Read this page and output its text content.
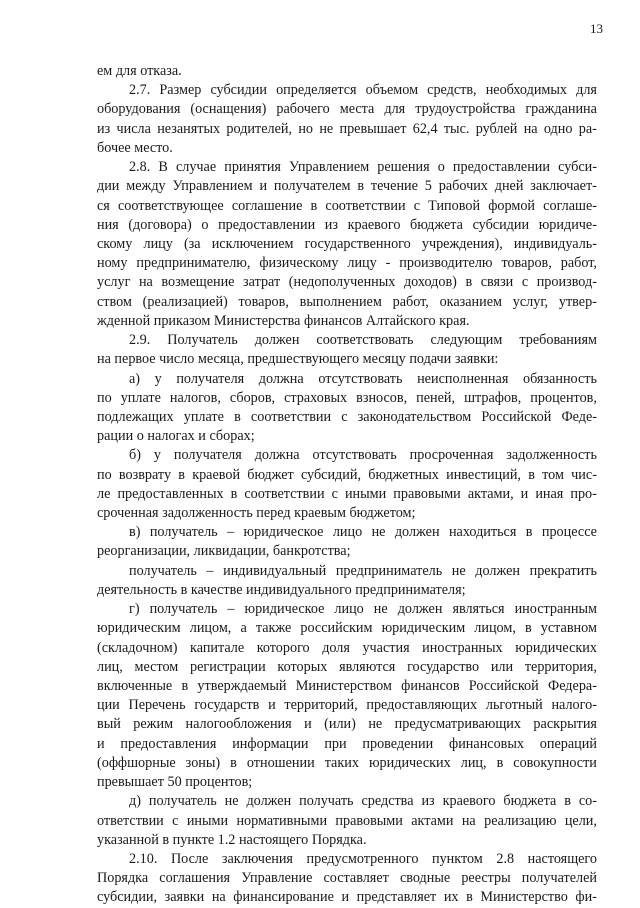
13
ем для отказа.
2.7. Размер субсидии определяется объемом средств, необходимых для
оборудования (оснащения) рабочего места для трудоустройства гражданина
из числа незанятых родителей, но не превышает 62,4 тыс. рублей на одно ра-
бочее место.
2.8. В случае принятия Управлением решения о предоставлении субси-
дии между Управлением и получателем в течение 5 рабочих дней заключает-
ся соответствующее соглашение в соответствии с Типовой формой соглаше-
ния (договора) о предоставлении из краевого бюджета субсидии юридиче-
скому лицу (за исключением государственного учреждения), индивидуаль-
ному предпринимателю, физическому лицу - производителю товаров, работ,
услуг на возмещение затрат (недополученных доходов) в связи с производ-
ством (реализацией) товаров, выполнением работ, оказанием услуг, утвер-
жденной приказом Министерства финансов Алтайского края.
2.9. Получатель должен соответствовать следующим требованиям
на первое число месяца, предшествующего месяцу подачи заявки:
а) у получателя должна отсутствовать неисполненная обязанность
по уплате налогов, сборов, страховых взносов, пеней, штрафов, процентов,
подлежащих уплате в соответствии с законодательством Российской Феде-
рации о налогах и сборах;
б) у получателя должна отсутствовать просроченная задолженность
по возврату в краевой бюджет субсидий, бюджетных инвестиций, в том чис-
ле предоставленных в соответствии с иными правовыми актами, и иная про-
сроченная задолженность перед краевым бюджетом;
в) получатель – юридическое лицо не должен находиться в процессе
реорганизации, ликвидации, банкротства;
получатель – индивидуальный предприниматель не должен прекратить
деятельность в качестве индивидуального предпринимателя;
г) получатель – юридическое лицо не должен являться иностранным
юридическим лицом, а также российским юридическим лицом, в уставном
(складочном) капитале которого доля участия иностранных юридических
лиц, местом регистрации которых являются государство или территория,
включенные в утверждаемый Министерством финансов Российской Федера-
ции Перечень государств и территорий, предоставляющих льготный налого-
вый режим налогообложения и (или) не предусматривающих раскрытия
и предоставления информации при проведении финансовых операций
(оффшорные зоны) в отношении таких юридических лиц, в совокупности
превышает 50 процентов;
д) получатель не должен получать средства из краевого бюджета в со-
ответствии с иными нормативными правовыми актами на реализацию цели,
указанной в пункте 1.2 настоящего Порядка.
2.10. После заключения предусмотренного пунктом 2.8 настоящего
Порядка соглашения Управление составляет сводные реестры получателей
субсидии, заявки на финансирование и представляет их в Министерство фи-
